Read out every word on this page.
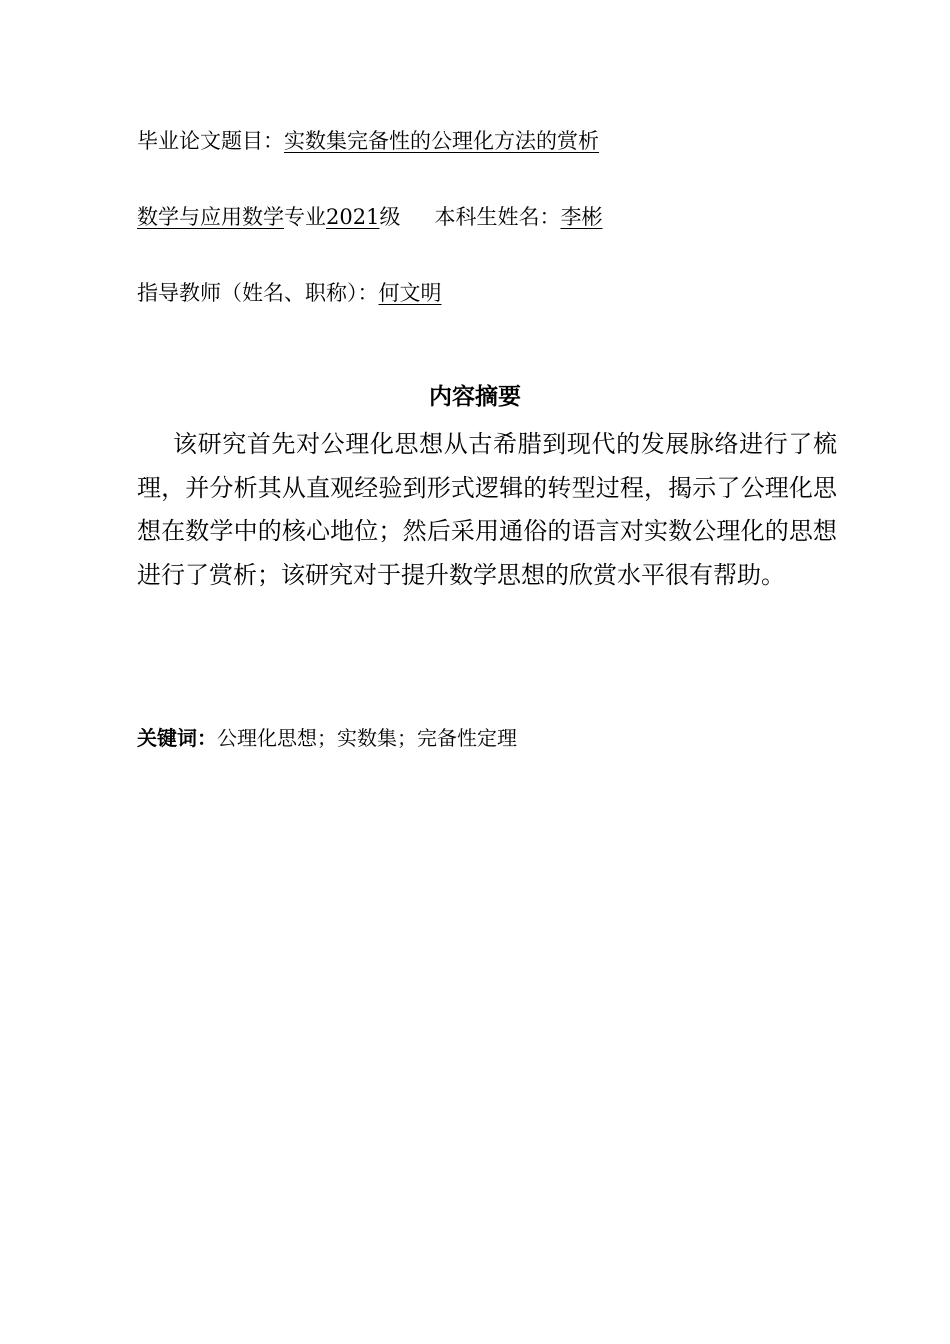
毕业论文题目：实数集完备性的公理化方法的赏析
数学与应用数学专业2021级 本科生姓名：李彬
指导教师（姓名、职称）：何文明
内容摘要
该研究首先对公理化思想从古希腊到现代的发展脉络进行了梳理，并分析其从直观经验到形式逻辑的转型过程，揭示了公理化思想在数学中的核心地位；然后采用通俗的语言对实数公理化的思想进行了赏析；该研究对于提升数学思想的欣赏水平很有帮助。
关键词：公理化思想；实数集；完备性定理
